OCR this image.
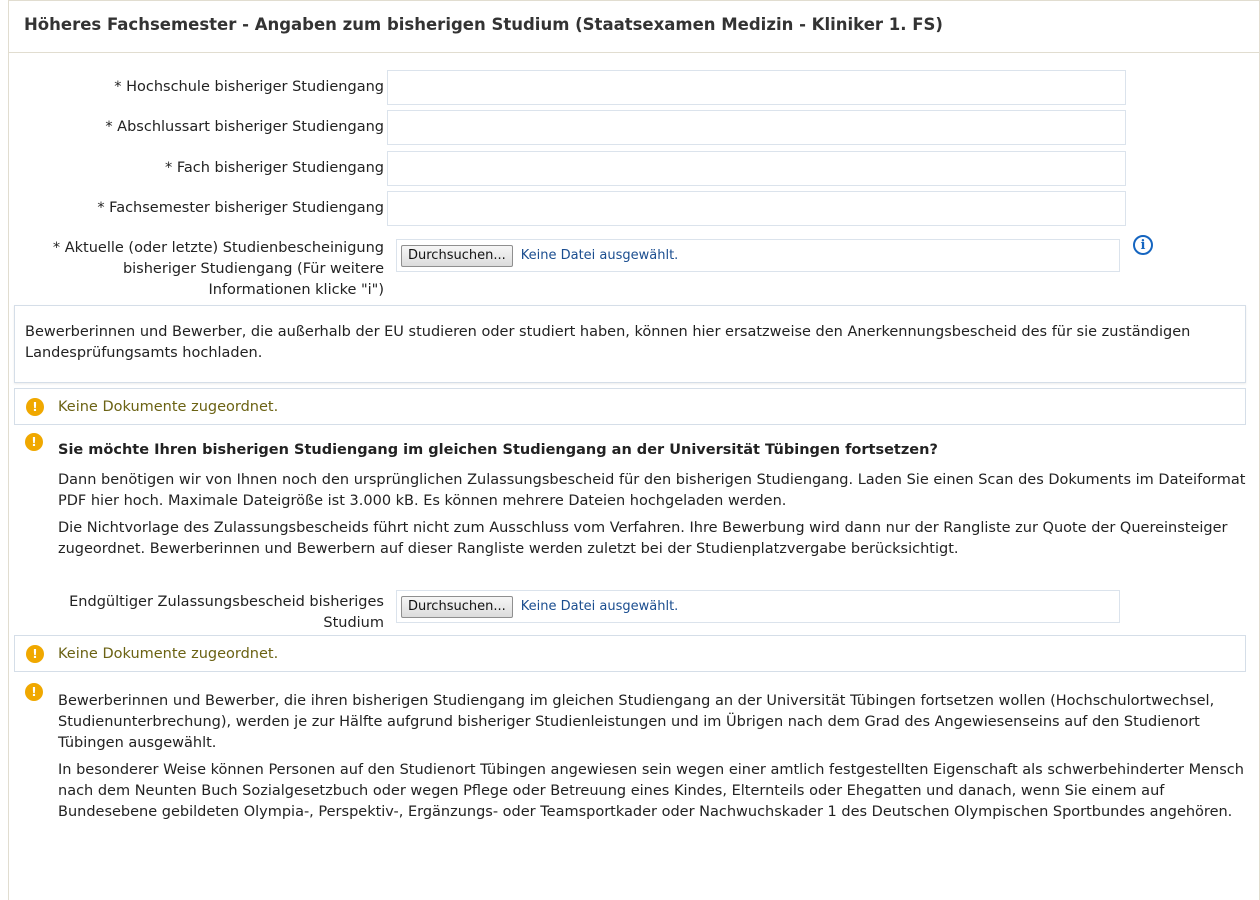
Höheres Fachsemester - Angaben zum bisherigen Studium (Staatsexamen Medizin - Kliniker 1. FS)
* Hochschule bisheriger Studiengang
* Abschlussart bisheriger Studiengang
* Fach bisheriger Studiengang
* Fachsemester bisheriger Studiengang
* Aktuelle (oder letzte) Studienbescheinigung
bisheriger Studiengang (Für weitere
Informationen klicke "i")
Durchsuchen...	Keine Datei ausgewählt.
i
Bewerberinnen und Bewerber, die außerhalb der EU studieren oder studiert haben, können hier ersatzweise den Anerkennungsbescheid des für sie zuständigen Landesprüfungsamts hochladen.
!	Keine Dokumente zugeordnet.
!	Sie möchte Ihren bisherigen Studiengang im gleichen Studiengang an der Universität Tübingen fortsetzen?

Dann benötigen wir von Ihnen noch den ursprünglichen Zulassungsbescheid für den bisherigen Studiengang. Laden Sie einen Scan des Dokuments im Dateiformat PDF hier hoch. Maximale Dateigröße ist 3.000 kB. Es können mehrere Dateien hochgeladen werden.

Die Nichtvorlage des Zulassungsbescheids führt nicht zum Ausschluss vom Verfahren. Ihre Bewerbung wird dann nur der Rangliste zur Quote der Quereinsteiger zugeordnet. Bewerberinnen und Bewerbern auf dieser Rangliste werden zuletzt bei der Studienplatzvergabe berücksichtigt.

Endgültiger Zulassungsbescheid bisheriges
Studium
Durchsuchen...	Keine Datei ausgewählt.
!	Keine Dokumente zugeordnet.
!

Bewerberinnen und Bewerber, die ihren bisherigen Studiengang im gleichen Studiengang an der Universität Tübingen fortsetzen wollen (Hochschulortwechsel, Studienunterbrechung), werden je zur Hälfte aufgrund bisheriger Studienleistungen und im Übrigen nach dem Grad des Angewiesenseins auf den Studienort Tübingen ausgewählt.

In besonderer Weise können Personen auf den Studienort Tübingen angewiesen sein wegen einer amtlich festgestellten Eigenschaft als schwerbehinderter Mensch nach dem Neunten Buch Sozialgesetzbuch oder wegen Pflege oder Betreuung eines Kindes, Elternteils oder Ehegatten und danach, wenn Sie einem auf Bundesebene gebildeten Olympia-, Perspektiv-, Ergänzungs- oder Teamsportkader oder Nachwuchskader 1 des Deutschen Olympischen Sportbundes angehören.
